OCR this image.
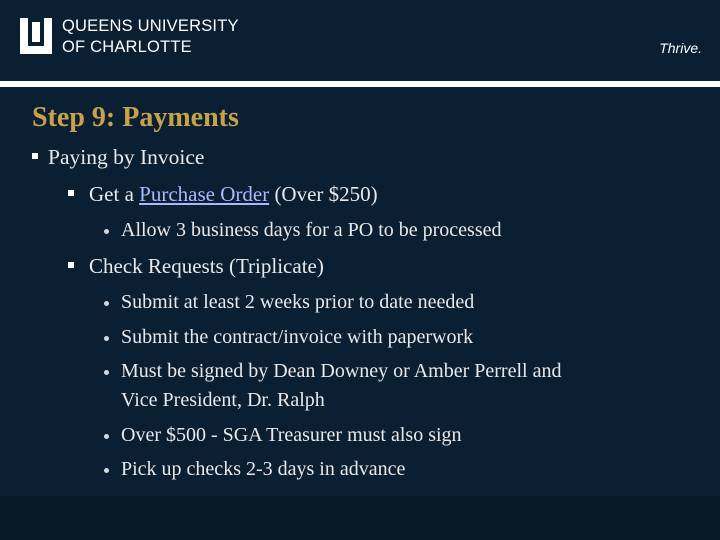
QUEENS UNIVERSITY
OF CHARLOTTE	Thrive.
Step 9: Payments
Paying by Invoice
Get a Purchase Order (Over $250)
Allow 3 business days for a PO to be processed
Check Requests (Triplicate)
Submit at least 2 weeks prior to date needed
Submit the contract/invoice with paperwork
Must be signed by Dean Downey or Amber Perrell and
Vice President, Dr. Ralph
Over $500 - SGA Treasurer must also sign
Pick up checks 2-3 days in advance
